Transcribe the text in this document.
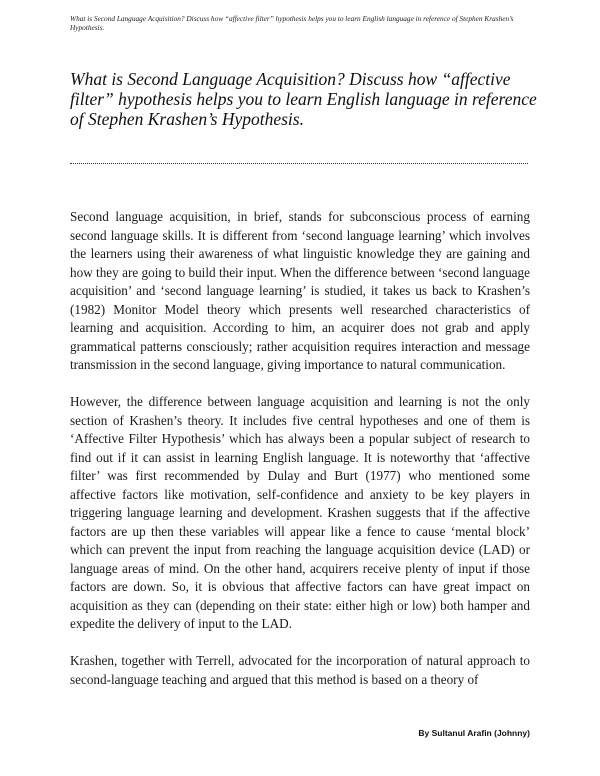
What is Second Language Acquisition? Discuss how “affective filter” hypothesis helps you to learn English language in reference of Stephen Krashen’s Hypothesis.
What is Second Language Acquisition? Discuss how “affective filter” hypothesis helps you to learn English language in reference of Stephen Krashen’s Hypothesis.

Second language acquisition, in brief, stands for subconscious process of earning second language skills. It is different from ‘second language learning’ which involves the learners using their awareness of what linguistic knowledge they are gaining and how they are going to build their input. When the difference between ‘second language acquisition’ and ‘second language learning’ is studied, it takes us back to Krashen’s (1982) Monitor Model theory which presents well researched characteristics of learning and acquisition. According to him, an acquirer does not grab and apply grammatical patterns consciously; rather acquisition requires interaction and message transmission in the second language, giving importance to natural communication.

However, the difference between language acquisition and learning is not the only section of Krashen’s theory. It includes five central hypotheses and one of them is ‘Affective Filter Hypothesis’ which has always been a popular subject of research to find out if it can assist in learning English language. It is noteworthy that ‘affective filter’ was first recommended by Dulay and Burt (1977) who mentioned some affective factors like motivation, self-confidence and anxiety to be key players in triggering language learning and development. Krashen suggests that if the affective factors are up then these variables will appear like a fence to cause ‘mental block’ which can prevent the input from reaching the language acquisition device (LAD) or language areas of mind. On the other hand, acquirers receive plenty of input if those factors are down. So, it is obvious that affective factors can have great impact on acquisition as they can (depending on their state: either high or low) both hamper and expedite the delivery of input to the LAD.

Krashen, together with Terrell, advocated for the incorporation of natural approach to second-language teaching and argued that this method is based on a theory of

By Sultanul Arafin (Johnny)
